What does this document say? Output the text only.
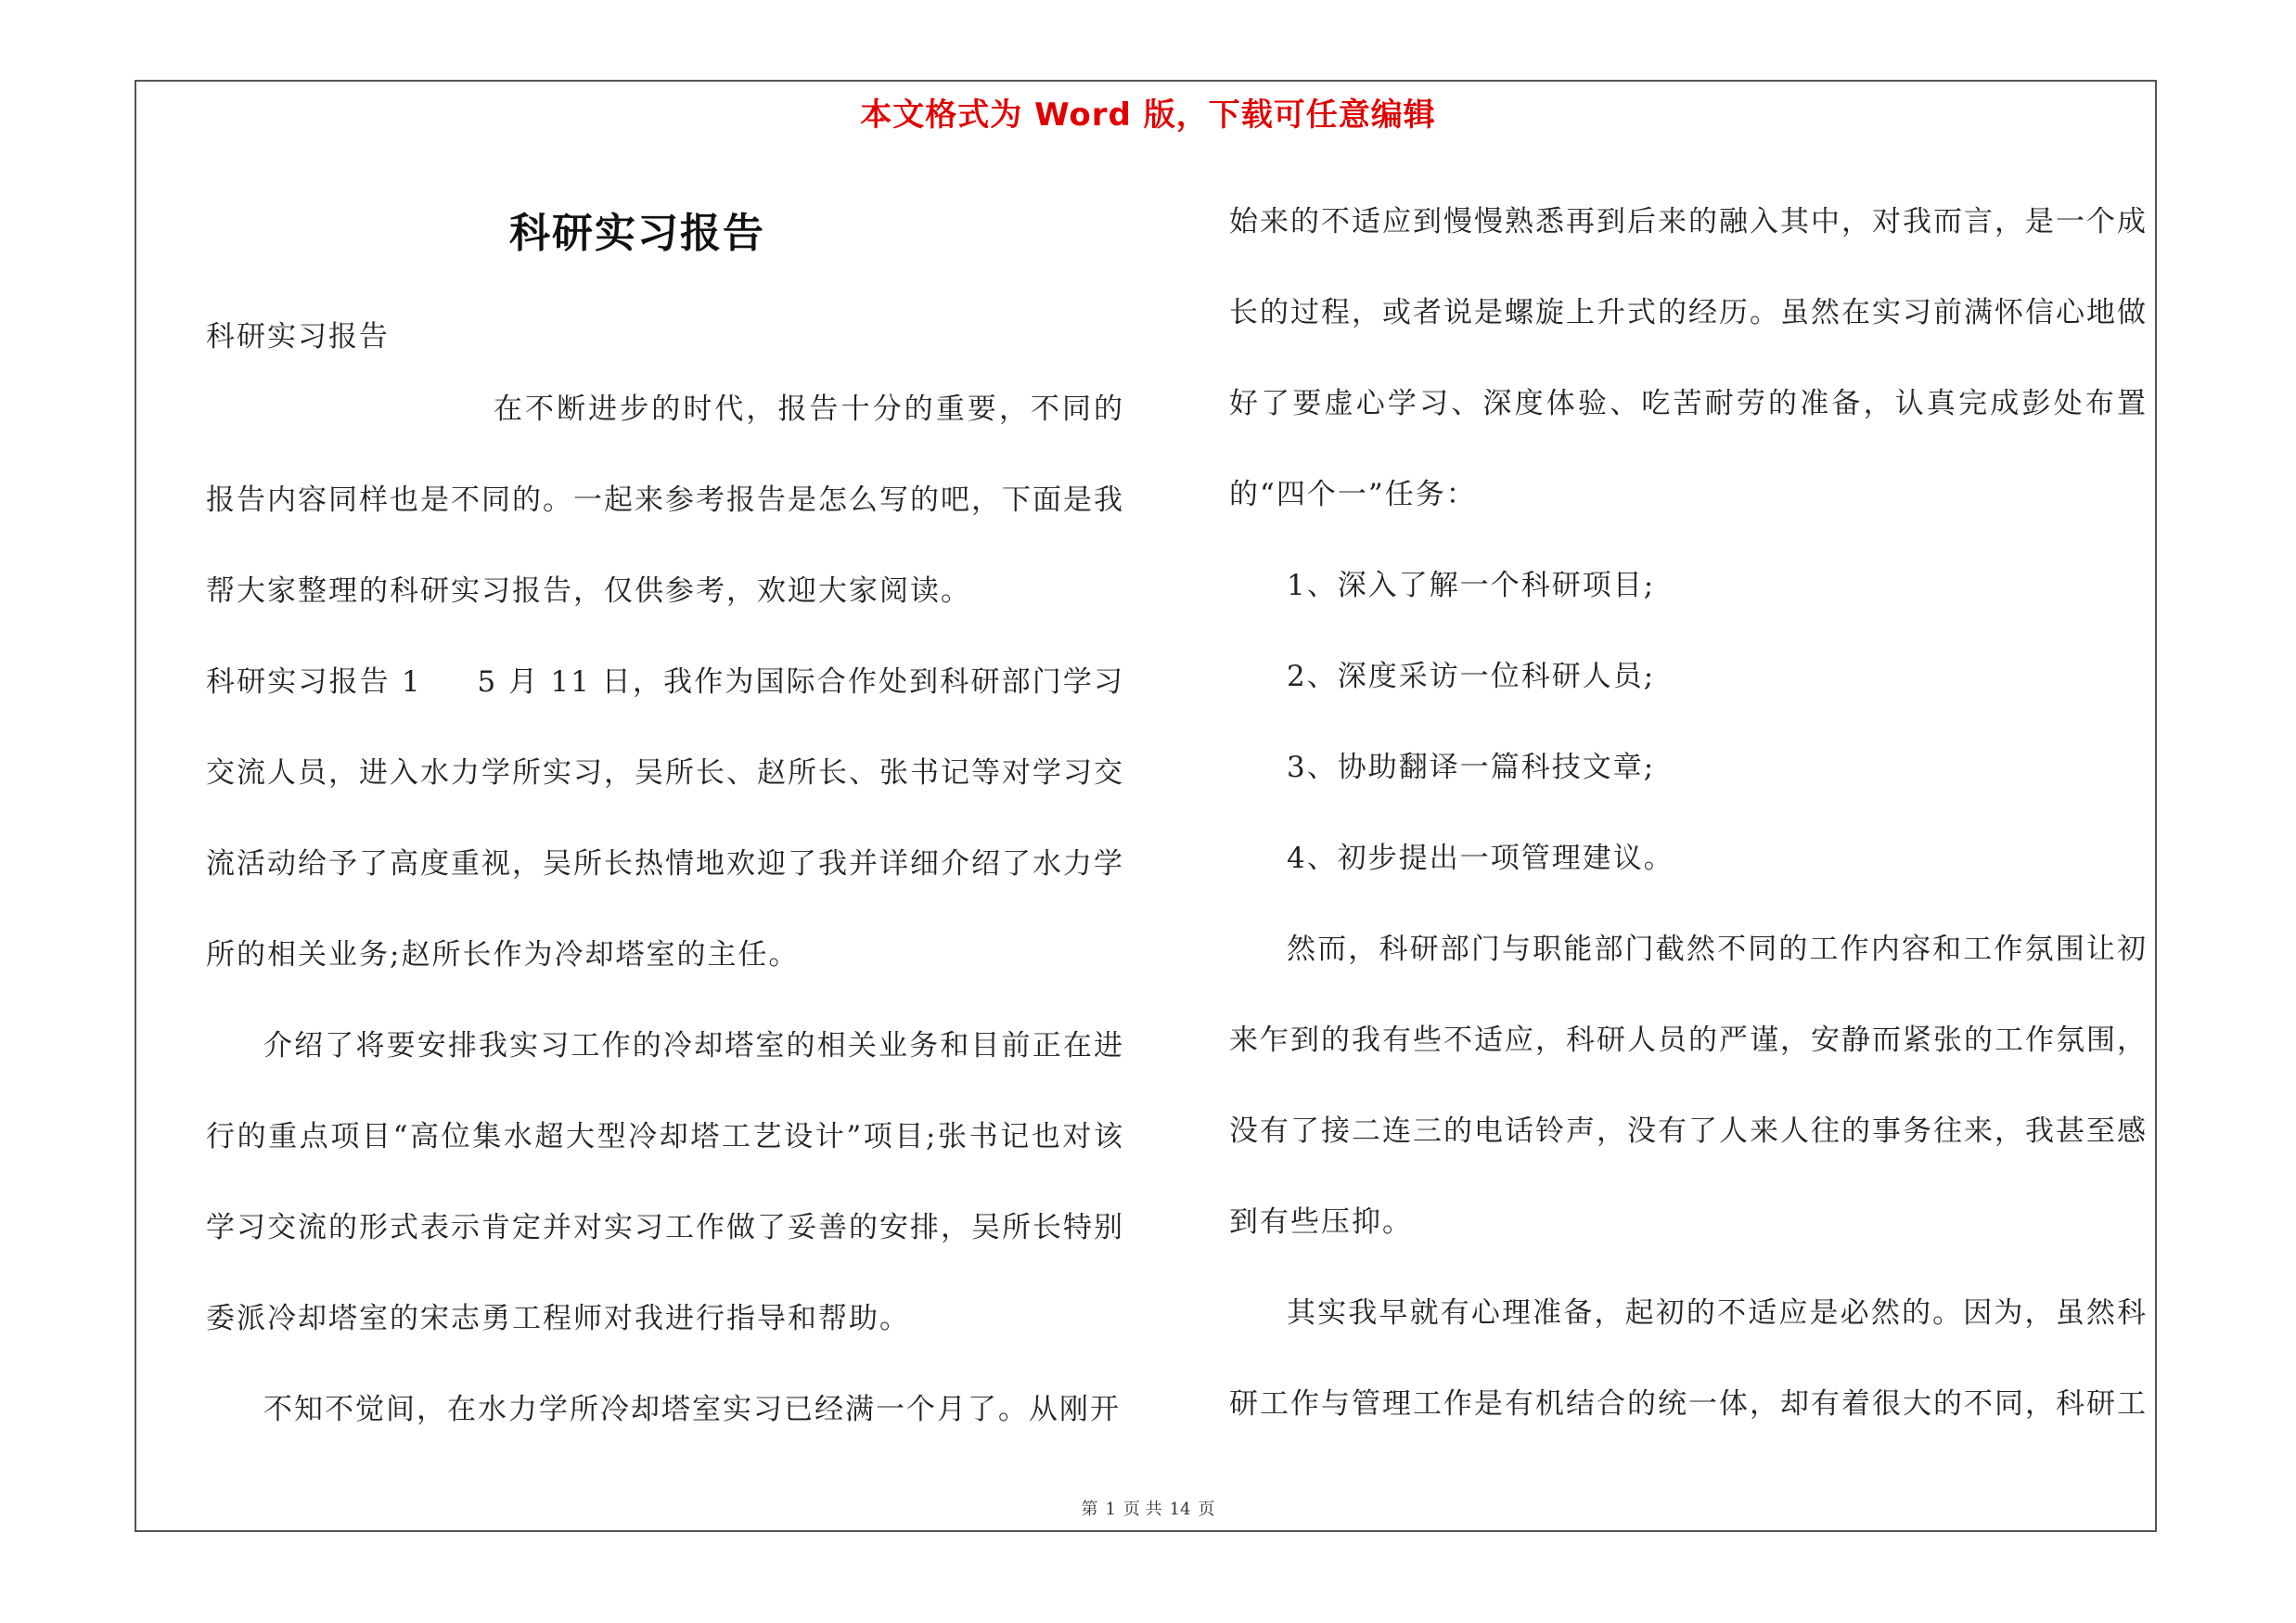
本文格式为 Word 版，下载可任意编辑
科研实习报告

科研实习报告

在不断进步的时代，报告十分的重要，不同的报告内容同样也是不同的。一起来参考报告是怎么写的吧，下面是我帮大家整理的科研实习报告，仅供参考，欢迎大家阅读。

科研实习报告 1 5 月 11 日，我作为国际合作处到科研部门学习交流人员，进入水力学所实习，吴所长、赵所长、张书记等对学习交流活动给予了高度重视，吴所长热情地欢迎了我并详细介绍了水力学所的相关业务;赵所长作为冷却塔室的主任。

介绍了将要安排我实习工作的冷却塔室的相关业务和目前正在进行的重点项目“高位集水超大型冷却塔工艺设计”项目;张书记也对该学习交流的形式表示肯定并对实习工作做了妥善的安排，吴所长特别委派冷却塔室的宋志勇工程师对我进行指导和帮助。

不知不觉间，在水力学所冷却塔室实习已经满一个月了。从刚开

始来的不适应到慢慢熟悉再到后来的融入其中，对我而言，是一个成长的过程，或者说是螺旋上升式的经历。虽然在实习前满怀信心地做好了要虚心学习、深度体验、吃苦耐劳的准备，认真完成彭处布置的“四个一”任务：

1、深入了解一个科研项目;

2、深度采访一位科研人员;

3、协助翻译一篇科技文章;

4、初步提出一项管理建议。

然而，科研部门与职能部门截然不同的工作内容和工作氛围让初来乍到的我有些不适应，科研人员的严谨，安静而紧张的工作氛围，没有了接二连三的电话铃声，没有了人来人往的事务往来，我甚至感到有些压抑。

其实我早就有心理准备，起初的不适应是必然的。因为，虽然科研工作与管理工作是有机结合的统一体，却有着很大的不同，科研工

第 1 页 共 14 页
